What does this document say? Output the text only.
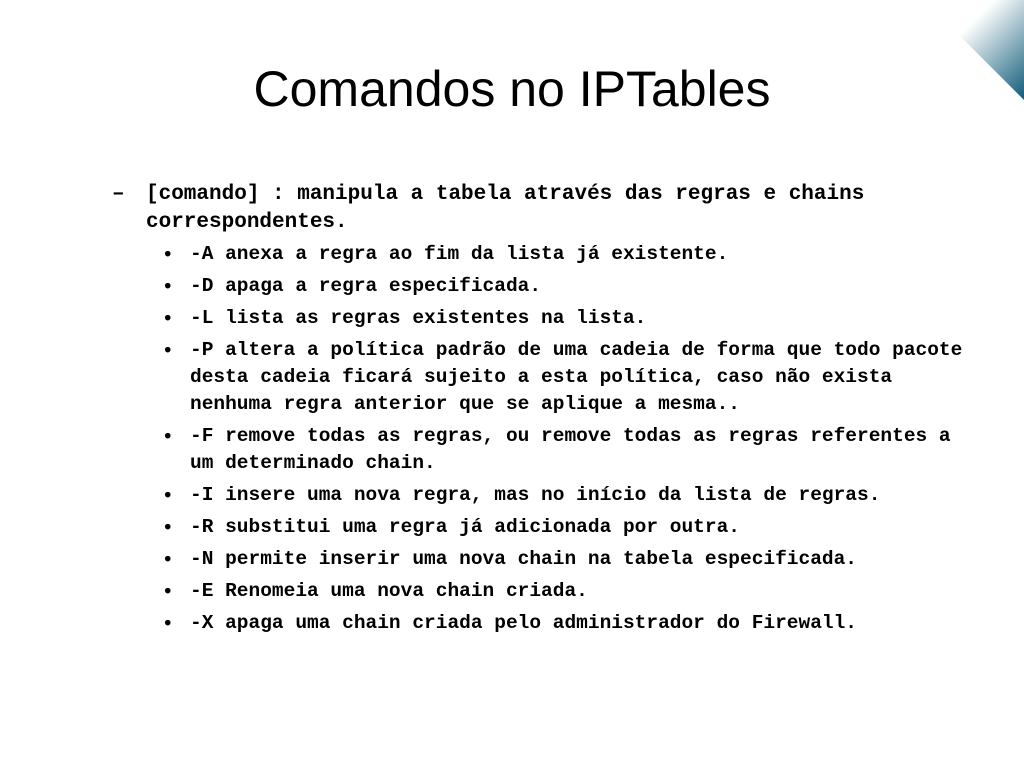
Comandos no IPTables
– [comando] : manipula a tabela através das regras e chains correspondentes.
• -A anexa a regra ao fim da lista já existente.
• -D apaga a regra especificada.
• -L lista as regras existentes na lista.
• -P altera a política padrão de uma cadeia de forma que todo pacote desta cadeia ficará sujeito a esta política, caso não exista nenhuma regra anterior que se aplique a mesma..
• -F remove todas as regras, ou remove todas as regras referentes a um determinado chain.
• -I insere uma nova regra, mas no início da lista de regras.
• -R substitui uma regra já adicionada por outra.
• -N permite inserir uma nova chain na tabela especificada.
• -E Renomeia uma nova chain criada.
• -X apaga uma chain criada pelo administrador do Firewall.
